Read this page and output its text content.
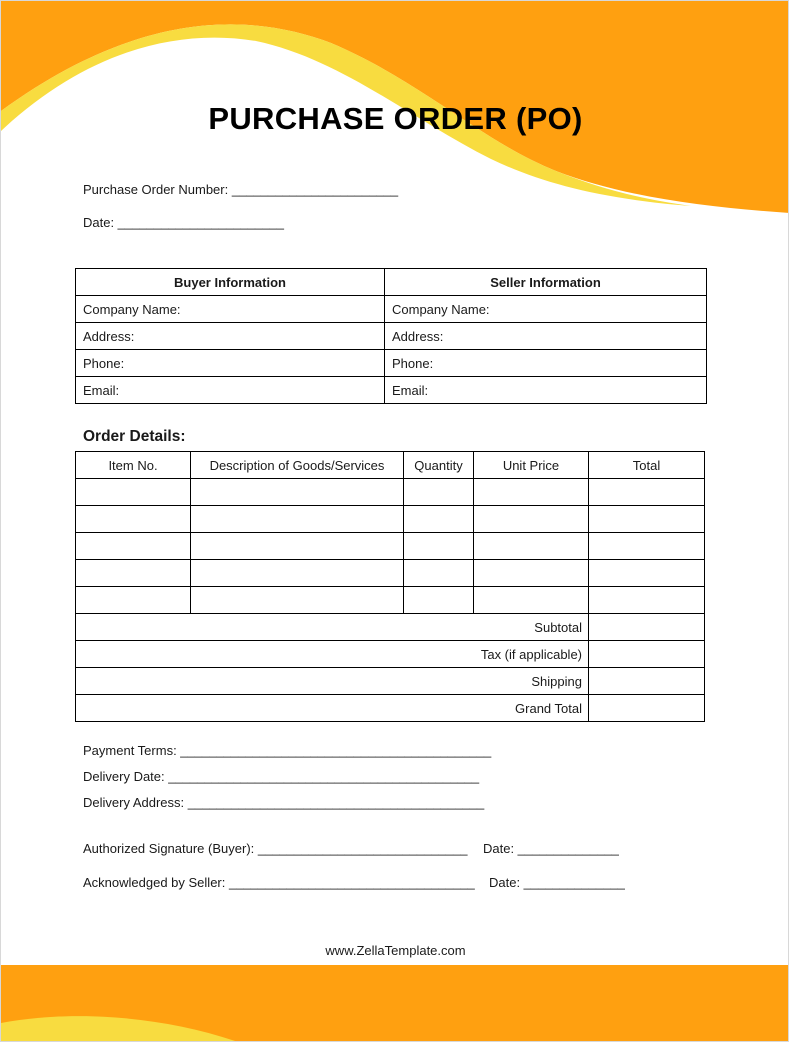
PURCHASE ORDER (PO)
Purchase Order Number: _______________________
Date: _______________________
Buyer Information	Seller Information
Company Name:	Company Name:
Address:	Address:
Phone:	Phone:
Email:	Email:
Order Details:
Item No.	Description of Goods/Services	Quantity	Unit Price	Total

Subtotal				
Tax (if applicable)				
Shipping				
Grand Total				
Payment Terms: ___________________________________________
Delivery Date: ___________________________________________
Delivery Address: _________________________________________
Authorized Signature (Buyer): _____________________________ Date: ______________
Acknowledged by Seller: __________________________________ Date: ______________
www.ZellaTemplate.com
